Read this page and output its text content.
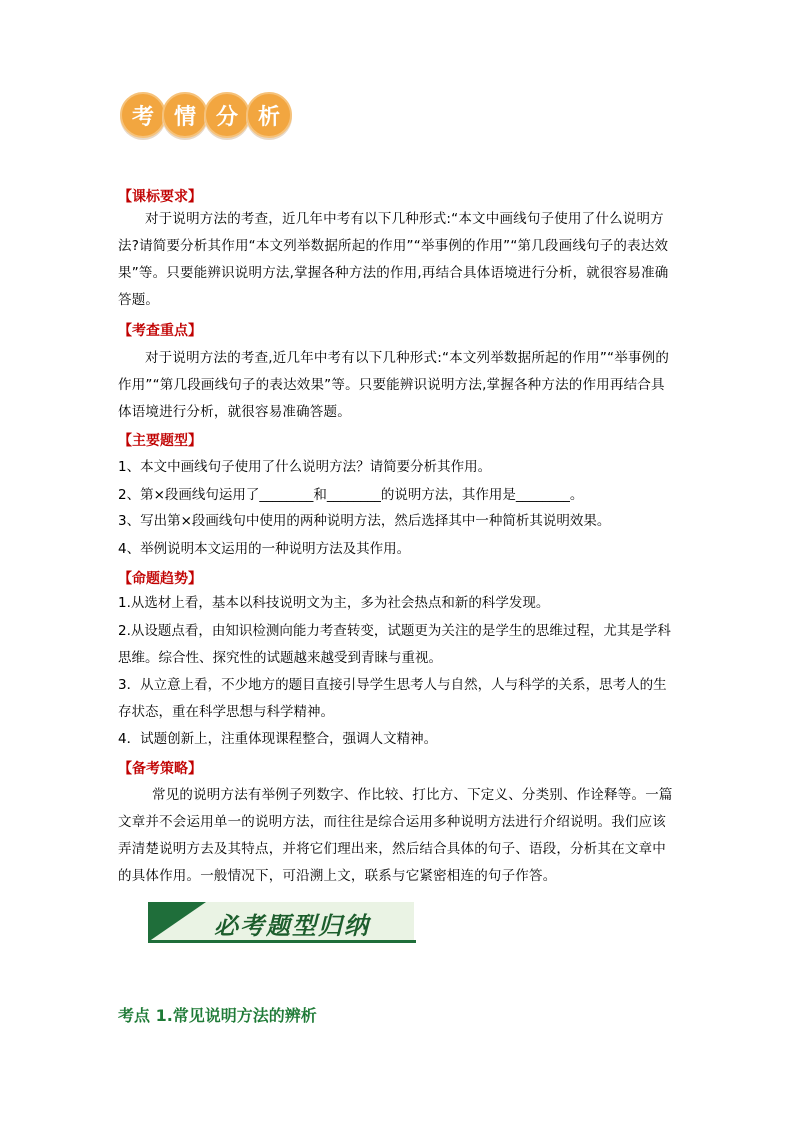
考 情 分 析
【课标要求】
对于说明方法的考查，近几年中考有以下几种形式:“本文中画线句子使用了什么说明方法?请简要分析其作用“本文列举数据所起的作用”“举事例的作用”“第几段画线句子的表达效果”等。只要能辨识说明方法,掌握各种方法的作用,再结合具体语境进行分析，就很容易准确答题。
【考查重点】
对于说明方法的考查,近几年中考有以下几种形式:“本文列举数据所起的作用”“举事例的作用”“第几段画线句子的表达效果”等。只要能辨识说明方法,掌握各种方法的作用再结合具体语境进行分析，就很容易准确答题。
【主要题型】
1、本文中画线句子使用了什么说明方法？请简要分析其作用。
2、第×段画线句运用了________和________的说明方法，其作用是________。
3、写出第×段画线句中使用的两种说明方法，然后选择其中一种简析其说明效果。
4、举例说明本文运用的一种说明方法及其作用。
【命题趋势】
1.从选材上看，基本以科技说明文为主，多为社会热点和新的科学发现。
2.从设题点看，由知识检测向能力考查转变，试题更为关注的是学生的思维过程，尤其是学科思维。综合性、探究性的试题越来越受到青睐与重视。
3．从立意上看，不少地方的题目直接引导学生思考人与自然，人与科学的关系，思考人的生存状态，重在科学思想与科学精神。
4．试题创新上，注重体现课程整合，强调人文精神。
【备考策略】
常见的说明方法有举例子列数字、作比较、打比方、下定义、分类别、作诠释等。一篇文章并不会运用单一的说明方法，而往往是综合运用多种说明方法进行介绍说明。我们应该弄清楚说明方去及其特点，并将它们理出来，然后结合具体的句子、语段，分析其在文章中的具体作用。一般情况下，可沿溯上文，联系与它紧密相连的句子作答。
必考题型归纳
考点 1.常见说明方法的辨析
